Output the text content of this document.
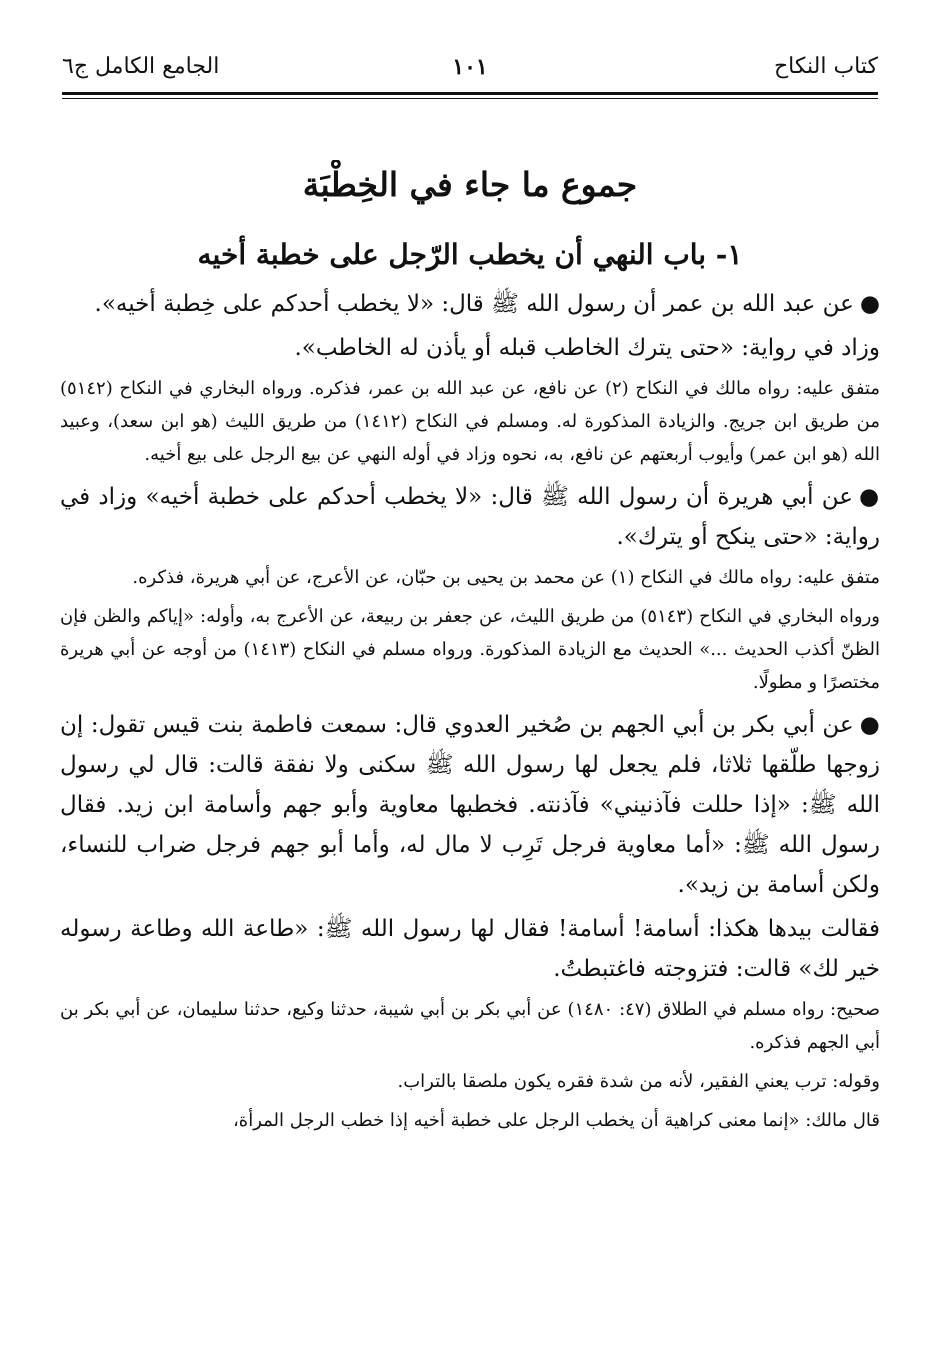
كتاب النكاح
١٠١
الجامع الكامل ج٦
جموع ما جاء في الخِطْبَة
١- باب النهي أن يخطب الرّجل على خطبة أخيه

●عن عبد الله بن عمر أن رسول الله ﷺ قال: «لا يخطب أحدكم على خِطبة أخيه».

وزاد في رواية: «حتى يترك الخاطب قبله أو يأذن له الخاطب».

متفق عليه: رواه مالك في النكاح (٢) عن نافع، عن عبد الله بن عمر، فذكره. ورواه البخاري في النكاح (٥١٤٢) من طريق ابن جريج. والزيادة المذكورة له. ومسلم في النكاح (١٤١٢) من طريق الليث (هو ابن سعد)، وعبيد الله (هو ابن عمر) وأيوب أربعتهم عن نافع، به، نحوه وزاد في أوله النهي عن بيع الرجل على بيع أخيه.

●عن أبي هريرة أن رسول الله ﷺ قال: «لا يخطب أحدكم على خطبة أخيه» وزاد في رواية: «حتى ينكح أو يترك».

متفق عليه: رواه مالك في النكاح (١) عن محمد بن يحيى بن حبّان، عن الأعرج، عن أبي هريرة، فذكره.

ورواه البخاري في النكاح (٥١٤٣) من طريق الليث، عن جعفر بن ربيعة، عن الأعرج به، وأوله: «إياكم والظن فإن الظنّ أكذب الحديث ...» الحديث مع الزيادة المذكورة. ورواه مسلم في النكاح (١٤١٣) من أوجه عن أبي هريرة مختصرًا و مطولًا.

●عن أبي بكر بن أبي الجهم بن صُخير العدوي قال: سمعت فاطمة بنت قيس تقول: إن زوجها طلّقها ثلاثا، فلم يجعل لها رسول الله ﷺ سكنى ولا نفقة قالت: قال لي رسول الله ﷺ: «إذا حللت فآذنيني» فآذنته. فخطبها معاوية وأبو جهم وأسامة ابن زيد. فقال رسول الله ﷺ: «أما معاوية فرجل تَرِب لا مال له، وأما أبو جهم فرجل ضراب للنساء، ولكن أسامة بن زيد».

فقالت بيدها هكذا: أسامة! أسامة! فقال لها رسول الله ﷺ: «طاعة الله وطاعة رسوله خير لك» قالت: فتزوجته فاغتبطتُ.

صحيح: رواه مسلم في الطلاق (٤٧: ١٤٨٠) عن أبي بكر بن أبي شيبة، حدثنا وكيع، حدثنا سليمان، عن أبي بكر بن أبي الجهم فذكره.

وقوله: ترب يعني الفقير، لأنه من شدة فقره يكون ملصقا بالتراب.

قال مالك: «إنما معنى كراهية أن يخطب الرجل على خطبة أخيه إذا خطب الرجل المرأة،
